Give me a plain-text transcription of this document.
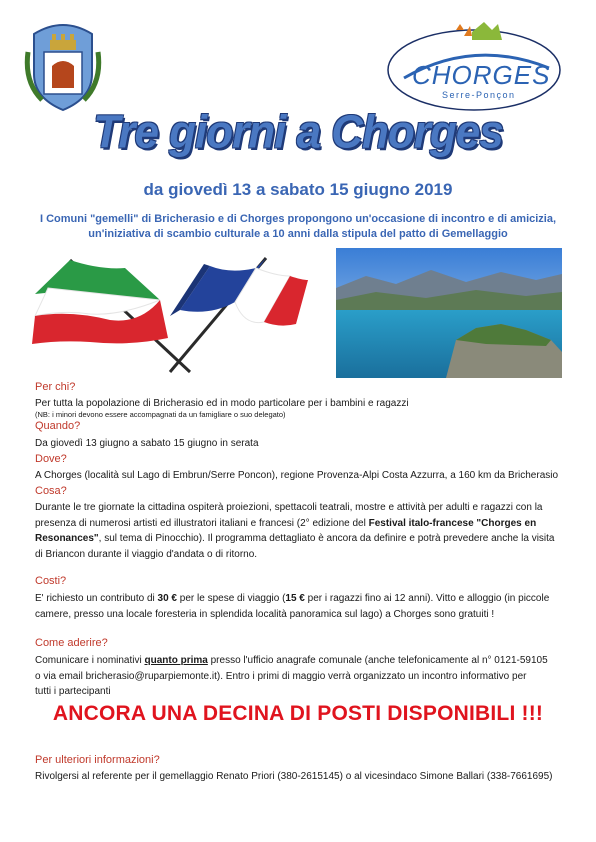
CHORGES
Serre-Ponçon
Tre giorni a Chorges
da giovedì 13 a sabato 15 giugno 2019
I Comuni "gemelli" di Bricherasio e di Chorges propongono un'occasione di incontro e di amicizia,
un'iniziativa di scambio culturale a 10 anni dalla stipula del patto di Gemellaggio
Per chi?
Per tutta la popolazione di Bricherasio ed in modo particolare per i bambini e ragazzi
(NB: i minori devono essere accompagnati da un famigliare o suo delegato)
Quando?
Da giovedì 13 giugno a sabato 15 giugno in serata
Dove?
A Chorges (località sul Lago di Embrun/Serre Poncon), regione Provenza-Alpi Costa Azzurra, a 160 km da Bricherasio
Cosa?
Durante le tre giornate la cittadina ospiterà proiezioni, spettacoli teatrali, mostre e attività per adulti e ragazzi con la
presenza di numerosi artisti ed illustratori italiani e francesi (2° edizione del Festival italo-francese "Chorges en
Resonances", sul tema di Pinocchio). Il programma dettagliato è ancora da definire e potrà prevedere anche la visita
di Briancon durante il viaggio d'andata o di ritorno.
Costi?
E' richiesto un contributo di 30 € per le spese di viaggio (15 € per i ragazzi fino ai 12 anni). Vitto e alloggio (in piccole
camere, presso una locale foresteria in splendida località panoramica sul lago) a Chorges sono gratuiti !
Come aderire?
Comunicare i nominativi quanto prima presso l'ufficio anagrafe comunale (anche telefonicamente al n° 0121-59105
o via email bricherasio@ruparpiemonte.it). Entro i primi di maggio verrà organizzato un incontro informativo per
tutti i partecipanti
ANCORA UNA DECINA DI POSTI DISPONIBILI !!!
Per ulteriori informazioni?
Rivolgersi al referente per il gemellaggio Renato Priori (380-2615145) o al vicesindaco Simone Ballari (338-7661695)
